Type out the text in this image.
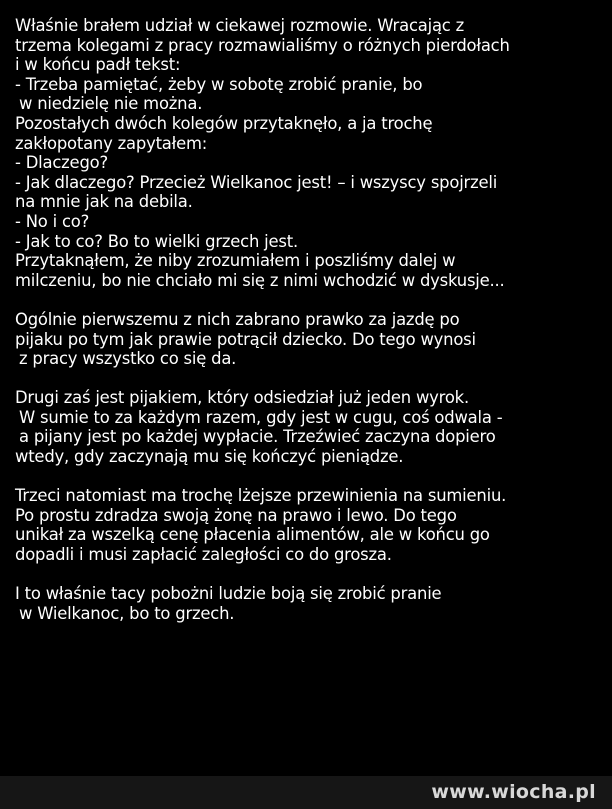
Właśnie brałem udział w ciekawej rozmowie. Wracając z
trzema kolegami z pracy rozmawialiśmy o różnych pierdołach
i w końcu padł tekst:
- Trzeba pamiętać, żeby w sobotę zrobić pranie, bo
w niedzielę nie można.
Pozostałych dwóch kolegów przytaknęło, a ja trochę
zakłopotany zapytałem:
- Dlaczego?
- Jak dlaczego? Przecież Wielkanoc jest! – i wszyscy spojrzeli
na mnie jak na debila.
- No i co?
- Jak to co? Bo to wielki grzech jest.
Przytaknąłem, że niby zrozumiałem i poszliśmy dalej w
milczeniu, bo nie chciało mi się z nimi wchodzić w dyskusje...
Ogólnie pierwszemu z nich zabrano prawko za jazdę po
pijaku po tym jak prawie potrącił dziecko. Do tego wynosi
z pracy wszystko co się da.
Drugi zaś jest pijakiem, który odsiedział już jeden wyrok.
W sumie to za każdym razem, gdy jest w cugu, coś odwala -
a pijany jest po każdej wypłacie. Trzeźwieć zaczyna dopiero
wtedy, gdy zaczynają mu się kończyć pieniądze.
Trzeci natomiast ma trochę lżejsze przewinienia na sumieniu.
Po prostu zdradza swoją żonę na prawo i lewo. Do tego
unikał za wszelką cenę płacenia alimentów, ale w końcu go
dopadli i musi zapłacić zaległości co do grosza.
I to właśnie tacy pobożni ludzie boją się zrobić pranie
w Wielkanoc, bo to grzech.
www.wiocha.pl
